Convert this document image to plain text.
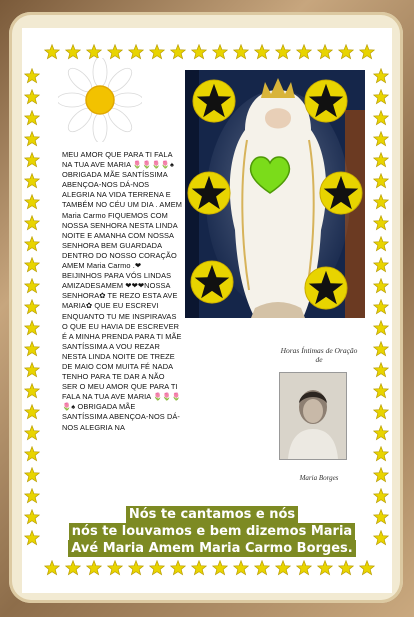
MEU AMOR QUE PARA TI FALA NA TUA AVE MARIA 🌷🌷🌷🌷♠ OBRIGADA MÃE SANTÍSSIMA ABENÇOA-NOS DÁ-NOS ALEGRIA NA VIDA TERRENA E TAMBÉM NO CÉU UM DIA . AMEM Maria Carmo FIQUEMOS COM NOSSA SENHORA NESTA LINDA NOITE E AMANHA COM NOSSA SENHORA BEM GUARDADA DENTRO DO NOSSO CORAÇÃO AMEM Maria Carmo .❤ BEIJINHOS PARA VÓS LINDAS AMIZADESAMEM ❤❤❤NOSSA SENHORA✿ TE REZO ESTA AVE MARIA✿ QUE EU ESCREVI ENQUANTO TU ME INSPIRAVAS O QUE EU HAVIA DE ESCREVER É A MINHA PRENDA PARA TI MÃE SANTÍSSIMA A VOU REZAR NESTA LINDA NOITE DE TREZE DE MAIO COM MUITA FÉ NADA TENHO PARA TE DAR A NÃO SER O MEU AMOR QUE PARA TI FALA NA TUA AVE MARIA 🌷🌷🌷🌷♠ OBRIGADA MÃE SANTÍSSIMA ABENÇOA-NOS DÁ-NOS ALEGRIA NA
Horas Íntimas de Oração
de
Maria Borges
Nós te cantamos e nós
nós te louvamos e bem dizemos Maria
Avé Maria Amem Maria Carmo Borges.
